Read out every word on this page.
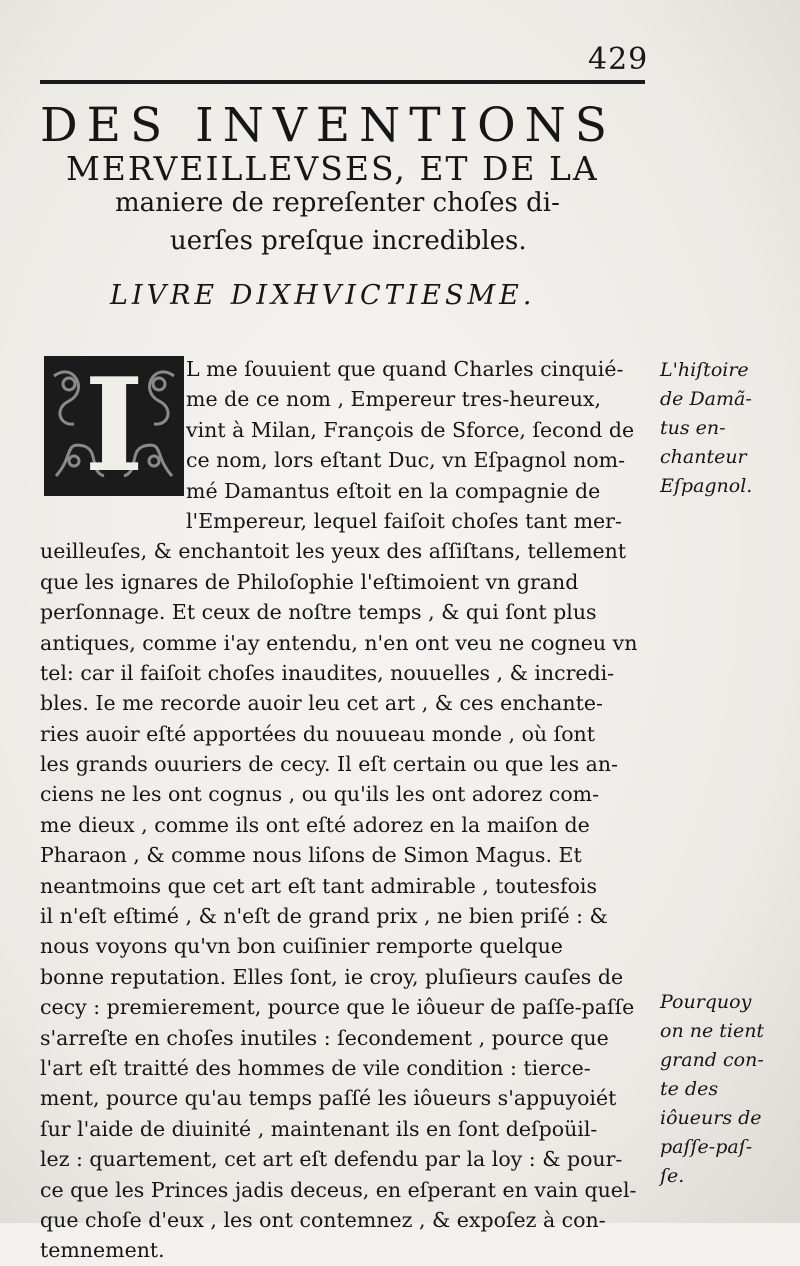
429
DES INVENTIONS
MERVEILLEVSES, ET DE LA
maniere de repreſenter choſes di-
uerſes preſque incredibles.
LIVRE DIXHVICTIESME.
I	L me ſouuient que quand Charles cinquié-
me de ce nom , Empereur tres-heureux,
vint à Milan, François de Sforce, ſecond de
ce nom, lors eſtant Duc, vn Eſpagnol nom-
mé Damantus eſtoit en la compagnie de
l'Empereur, lequel faiſoit choſes tant mer-
ueilleuſes, & enchantoit les yeux des aſſiſtans, tellement
que les ignares de Philoſophie l'eſtimoient vn grand
perſonnage. Et ceux de noſtre temps , & qui ſont plus
antiques, comme i'ay entendu, n'en ont veu ne cogneu vn
tel: car il faiſoit choſes inaudites, nouuelles , & incredi-
bles. Ie me recorde auoir leu cet art , & ces enchante-
ries auoir eſté apportées du nouueau monde , où ſont
les grands ouuriers de cecy. Il eſt certain ou que les an-
ciens ne les ont cognus , ou qu'ils les ont adorez com-
me dieux , comme ils ont eſté adorez en la maiſon de
Pharaon , & comme nous liſons de Simon Magus. Et
neantmoins que cet art eſt tant admirable , toutesfois
il n'eſt eſtimé , & n'eſt de grand prix , ne bien priſé : &
nous voyons qu'vn bon cuiſinier remporte quelque
bonne reputation. Elles ſont, ie croy, pluſieurs cauſes de
cecy : premierement, pource que le iôueur de paſſe-paſſe
s'arreſte en choſes inutiles : ſecondement , pource que
l'art eſt traitté des hommes de vile condition : tierce-
ment, pource qu'au temps paſſé les iôueurs s'appuyoiét
ſur l'aide de diuinité , maintenant ils en ſont deſpoüil-
lez : quartement, cet art eſt defendu par la loy : & pour-
ce que les Princes jadis deceus, en eſperant en vain quel-
que choſe d'eux , les ont contemnez , & expoſez à con-
temnement.
L'hiſtoire
de Damã-
tus en-
chanteur
Eſpagnol.
Pourquoy
on ne tient
grand con-
te des
iôueurs de
paſſe-paſ-
ſe.
